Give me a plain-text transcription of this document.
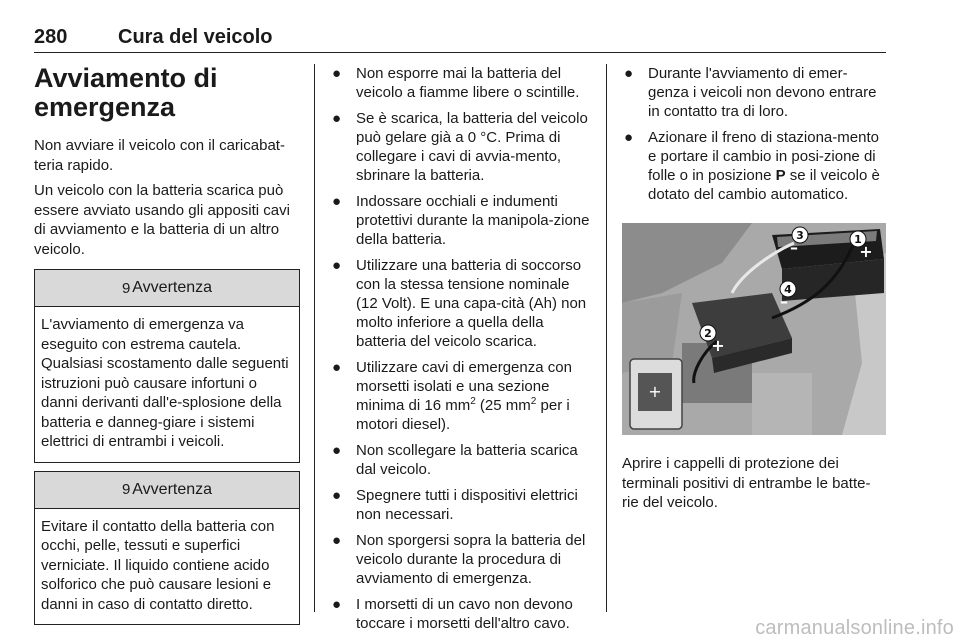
280	Cura del veicolo
Avviamento di emergenza

Non avviare il veicolo con il caricabat-teria rapido.

Un veicolo con la batteria scarica può essere avviato usando gli appositi cavi di avviamento e la batteria di un altro veicolo.

9 Avvertenza
L'avviamento di emergenza va eseguito con estrema cautela. Qualsiasi scostamento dalle seguenti istruzioni può causare infortuni o danni derivanti dall'e-splosione della batteria e danneg-giare i sistemi elettrici di entrambi i veicoli.
9 Avvertenza
Evitare il contatto della batteria con occhi, pelle, tessuti e superfici verniciate. Il liquido contiene acido solforico che può causare lesioni e danni in caso di contatto diretto.
● Non esporre mai la batteria del veicolo a fiamme libere o scintille.
● Se è scarica, la batteria del veicolo può gelare già a 0 °C. Prima di collegare i cavi di avvia-mento, sbrinare la batteria.
● Indossare occhiali e indumenti protettivi durante la manipola-zione della batteria.
● Utilizzare una batteria di soccorso con la stessa tensione nominale (12 Volt). E una capa-cità (Ah) non molto inferiore a quella della batteria del veicolo scarica.
● Utilizzare cavi di emergenza con morsetti isolati e una sezione minima di 16 $mm^2$ (25 $mm^2$ per i motori diesel).
● Non scollegare la batteria scarica dal veicolo.
● Spegnere tutti i dispositivi elettrici non necessari.
● Non sporgersi sopra la batteria del veicolo durante la procedura di avviamento di emergenza.
● I morsetti di un cavo non devono toccare i morsetti dell'altro cavo.
● Durante l'avviamento di emer-genza i veicoli non devono entrare in contatto tra di loro.
● Azionare il freno di staziona-mento e portare il cambio in posi-zione di folle o in posizione P se il veicolo è dotato del cambio automatico.
+
1
3
4
2
+
–
–
+

Aprire i cappelli di protezione dei terminali positivi di entrambe le batte-rie del veicolo.

carmanualsonline.info
